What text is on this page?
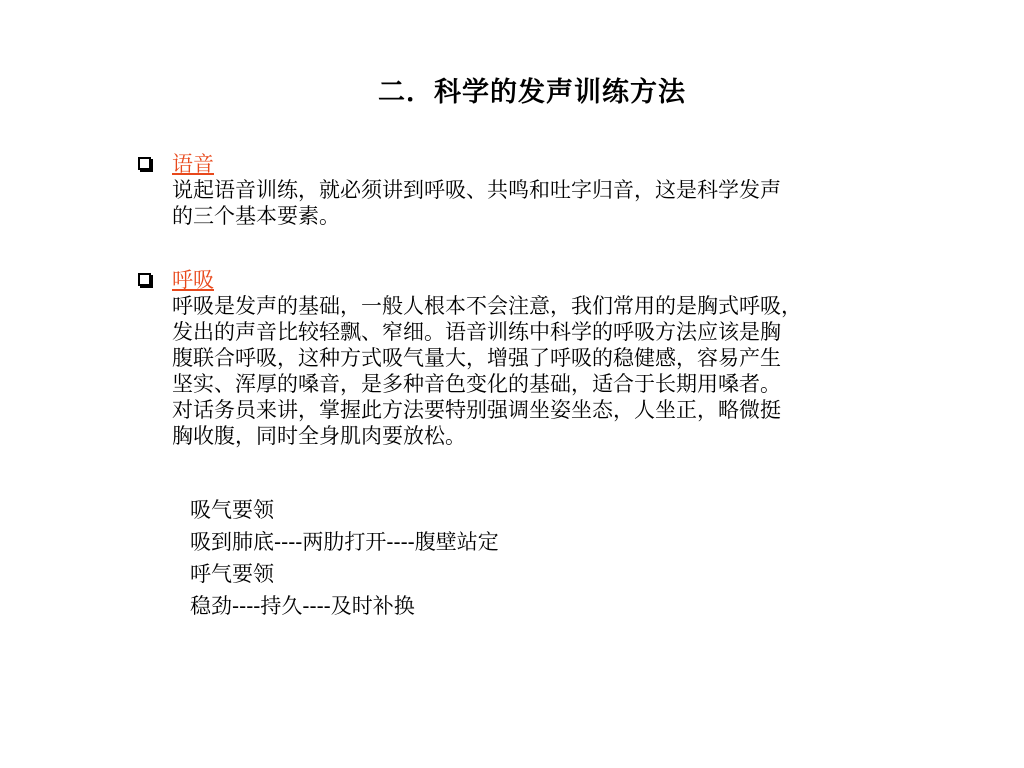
二．科学的发声训练方法
语音
说起语音训练，就必须讲到呼吸、共鸣和吐字归音，这是科学发声
的三个基本要素。
呼吸
呼吸是发声的基础，一般人根本不会注意，我们常用的是胸式呼吸，
发出的声音比较轻飘、窄细。语音训练中科学的呼吸方法应该是胸
腹联合呼吸，这种方式吸气量大，增强了呼吸的稳健感，容易产生
坚实、浑厚的嗓音，是多种音色变化的基础，适合于长期用嗓者。
对话务员来讲，掌握此方法要特别强调坐姿坐态，人坐正，略微挺
胸收腹，同时全身肌肉要放松。
吸气要领
吸到肺底----两肋打开----腹壁站定
呼气要领
稳劲----持久----及时补换
